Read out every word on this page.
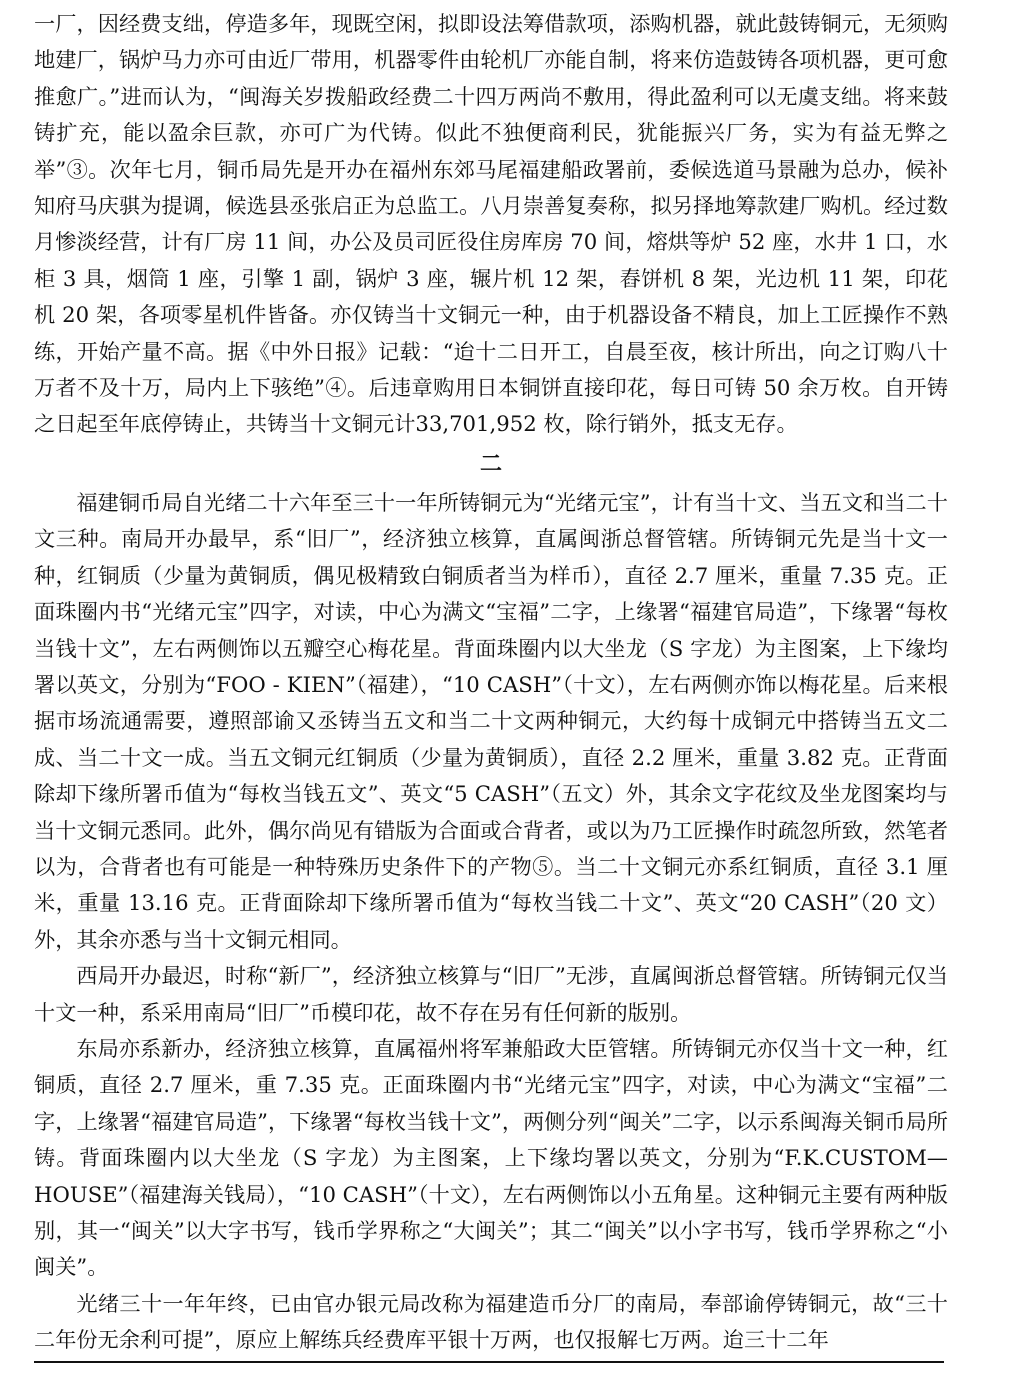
一厂，因经费支绌，停造多年，现既空闲，拟即设法筹借款项，添购机器，就此鼓铸铜元，无须购地建厂，锅炉马力亦可由近厂带用，机器零件由轮机厂亦能自制，将来仿造鼓铸各项机器，更可愈推愈广。”进而认为，“闽海关岁拨船政经费二十四万两尚不敷用，得此盈利可以无虞支绌。将来鼓铸扩充，能以盈余巨款，亦可广为代铸。似此不独便商利民，犹能振兴厂务，实为有益无弊之举”③。次年七月，铜币局先是开办在福州东郊马尾福建船政署前，委候选道马景融为总办，候补知府马庆骐为提调，候选县丞张启正为总监工。八月崇善复奏称，拟另择地筹款建厂购机。经过数月惨淡经营，计有厂房 11 间，办公及员司匠役住房库房 70 间，熔烘等炉 52 座，水井 1 口，水柜 3 具，烟筒 1 座，引擎 1 副，锅炉 3 座，辗片机 12 架，舂饼机 8 架，光边机 11 架，印花机 20 架，各项零星机件皆备。亦仅铸当十文铜元一种，由于机器设备不精良，加上工匠操作不熟练，开始产量不高。据《中外日报》记载：“迨十二日开工，自晨至夜，核计所出，向之订购八十万者不及十万，局内上下骇绝”④。后违章购用日本铜饼直接印花，每日可铸 50 余万枚。自开铸之日起至年底停铸止，共铸当十文铜元计33,701,952 枚，除行销外，抵支无存。

二

福建铜币局自光绪二十六年至三十一年所铸铜元为“光绪元宝”，计有当十文、当五文和当二十文三种。南局开办最早，系“旧厂”，经济独立核算，直属闽浙总督管辖。所铸铜元先是当十文一种，红铜质（少量为黄铜质，偶见极精致白铜质者当为样币），直径 2.7 厘米，重量 7.35 克。正面珠圈内书“光绪元宝”四字，对读，中心为满文“宝福”二字，上缘署“福建官局造”，下缘署“每枚当钱十文”，左右两侧饰以五瓣空心梅花星。背面珠圈内以大坐龙（S 字龙）为主图案，上下缘均署以英文，分别为“FOO - KIEN”（福建），“10 CASH”（十文），左右两侧亦饰以梅花星。后来根据市场流通需要，遵照部谕又丞铸当五文和当二十文两种铜元，大约每十成铜元中搭铸当五文二成、当二十文一成。当五文铜元红铜质（少量为黄铜质），直径 2.2 厘米，重量 3.82 克。正背面除却下缘所署币值为“每枚当钱五文”、英文“5 CASH”（五文）外，其余文字花纹及坐龙图案均与当十文铜元悉同。此外，偶尔尚见有错版为合面或合背者，或以为乃工匠操作时疏忽所致，然笔者以为，合背者也有可能是一种特殊历史条件下的产物⑤。当二十文铜元亦系红铜质，直径 3.1 厘米，重量 13.16 克。正背面除却下缘所署币值为“每枚当钱二十文”、英文“20 CASH”（20 文）外，其余亦悉与当十文铜元相同。

西局开办最迟，时称“新厂”，经济独立核算与“旧厂”无涉，直属闽浙总督管辖。所铸铜元仅当十文一种，系采用南局“旧厂”币模印花，故不存在另有任何新的版别。

东局亦系新办，经济独立核算，直属福州将军兼船政大臣管辖。所铸铜元亦仅当十文一种，红铜质，直径 2.7 厘米，重 7.35 克。正面珠圈内书“光绪元宝”四字，对读，中心为满文“宝福”二字，上缘署“福建官局造”，下缘署“每枚当钱十文”，两侧分列“闽关”二字，以示系闽海关铜币局所铸。背面珠圈内以大坐龙（S 字龙）为主图案，上下缘均署以英文，分别为“F.K.CUSTOM—HOUSE”（福建海关钱局），“10 CASH”（十文），左右两侧饰以小五角星。这种铜元主要有两种版别，其一“闽关”以大字书写，钱币学界称之“大闽关”；其二“闽关”以小字书写，钱币学界称之“小闽关”。

光绪三十一年年终，已由官办银元局改称为福建造币分厂的南局，奉部谕停铸铜元，故“三十二年份无余利可提”，原应上解练兵经费库平银十万两，也仅报解七万两。迨三十二年
